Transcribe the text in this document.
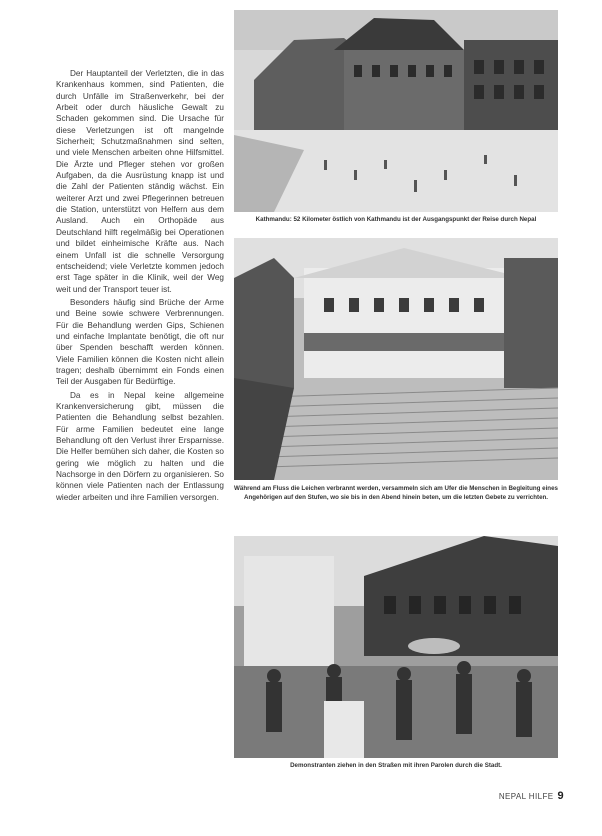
Der Hauptanteil der Verletzten, die in das Krankenhaus kommen, sind Patienten, die durch Unfälle im Straßenverkehr, bei der Arbeit oder durch häusliche Gewalt zu Schaden gekommen sind. Die Ursache für diese Verletzungen ist oft mangelnde Sicherheit; Schutzmaßnahmen sind selten, und viele Menschen arbeiten ohne Hilfsmittel. Die Ärzte und Pfleger stehen vor großen Aufgaben, da die Ausrüstung knapp ist und die Zahl der Patienten ständig wächst. Ein weiterer Arzt und zwei Pflegerinnen betreuen die Station, unterstützt von Helfern aus dem Ausland. Auch ein Orthopäde aus Deutschland hilft regelmäßig bei Operationen und bildet einheimische Kräfte aus. Nach einem Unfall ist die schnelle Versorgung entscheidend; viele Verletzte kommen jedoch erst Tage später in die Klinik, weil der Weg weit und der Transport teuer ist.

Besonders häufig sind Brüche der Arme und Beine sowie schwere Verbrennungen. Für die Behandlung werden Gips, Schienen und einfache Implantate benötigt, die oft nur über Spenden beschafft werden können. Viele Familien können die Kosten nicht allein tragen; deshalb übernimmt ein Fonds einen Teil der Ausgaben für Bedürftige.

Da es in Nepal keine allgemeine Krankenversicherung gibt, müssen die Patienten die Behandlung selbst bezahlen. Für arme Familien bedeutet eine lange Behandlung oft den Verlust ihrer Ersparnisse. Die Helfer bemühen sich daher, die Kosten so gering wie möglich zu halten und die Nachsorge in den Dörfern zu organisieren. So können viele Patienten nach der Entlassung wieder arbeiten und ihre Familien versorgen.

Kathmandu: 52 Kilometer östlich von Kathmandu ist der Ausgangspunkt der Reise durch Nepal
Während am Fluss die Leichen verbrannt werden, versammeln sich am Ufer die Menschen in Begleitung eines Angehörigen auf den Stufen, wo sie bis in den Abend hinein beten, um die letzten Gebete zu verrichten.
Demonstranten ziehen in den Straßen mit ihren Parolen durch die Stadt.
NEPAL HILFE 9
